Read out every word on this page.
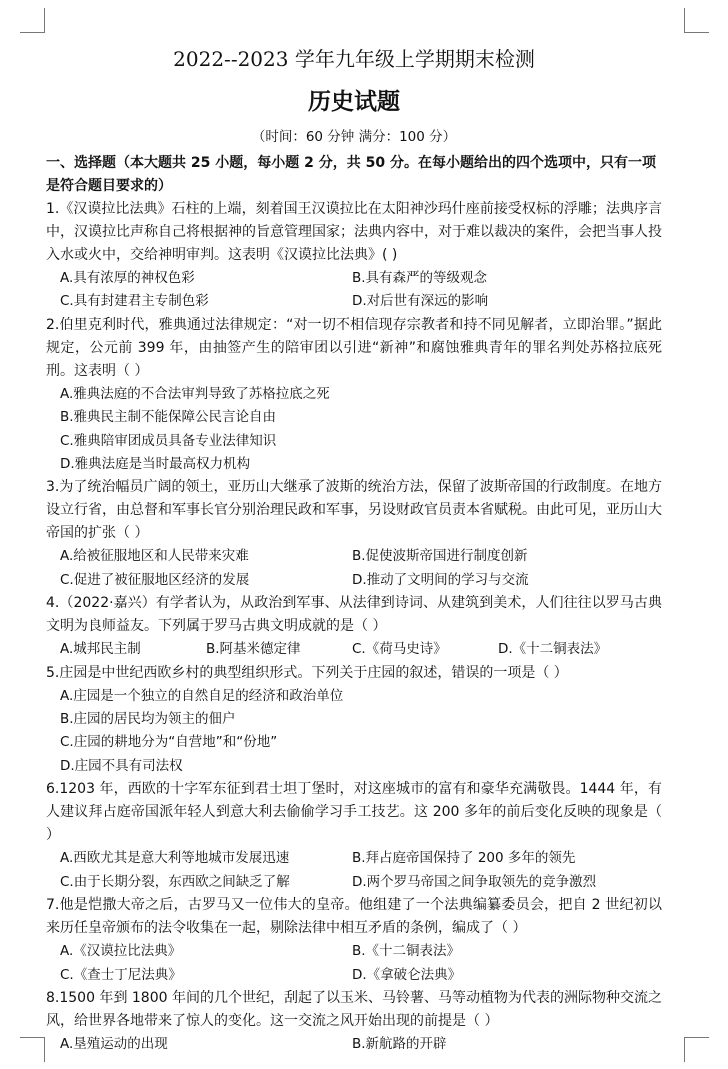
2022--2023 学年九年级上学期期末检测
历史试题
（时间：60 分钟 满分：100 分）
一、选择题（本大题共 25 小题，每小题 2 分，共 50 分。在每小题给出的四个选项中，只有一项是符合题目要求的）
1.《汉谟拉比法典》石柱的上端，刻着国王汉谟拉比在太阳神沙玛什座前接受权标的浮雕；法典序言中，汉谟拉比声称自己将根据神的旨意管理国家；法典内容中，对于难以裁决的案件，会把当事人投入水或火中，交给神明审判。这表明《汉谟拉比法典》( )
A.具有浓厚的神权色彩	B.具有森严的等级观念
C.具有封建君主专制色彩	D.对后世有深远的影响
2.伯里克利时代，雅典通过法律规定：“对一切不相信现存宗教者和持不同见解者，立即治罪。”据此规定，公元前 399 年，由抽签产生的陪审团以引进“新神”和腐蚀雅典青年的罪名判处苏格拉底死刑。这表明（ ）
A.雅典法庭的不合法审判导致了苏格拉底之死
B.雅典民主制不能保障公民言论自由
C.雅典陪审团成员具备专业法律知识
D.雅典法庭是当时最高权力机构
3.为了统治幅员广阔的领土，亚历山大继承了波斯的统治方法，保留了波斯帝国的行政制度。在地方设立行省，由总督和军事长官分别治理民政和军事，另设财政官员责本省赋税。由此可见，亚历山大帝国的扩张（ ）
A.给被征服地区和人民带来灾难	B.促使波斯帝国进行制度创新
C.促进了被征服地区经济的发展	D.推动了文明间的学习与交流
4.（2022·嘉兴）有学者认为，从政治到军事、从法律到诗词、从建筑到美术，人们往往以罗马古典文明为良师益友。下列属于罗马古典文明成就的是（ ）
A.城邦民主制	B.阿基米德定律	C.《荷马史诗》	D.《十二铜表法》
5.庄园是中世纪西欧乡村的典型组织形式。下列关于庄园的叙述，错误的一项是（ ）
A.庄园是一个独立的自然自足的经济和政治单位
B.庄园的居民均为领主的佃户
C.庄园的耕地分为“自营地”和“份地”
D.庄园不具有司法权
6.1203 年，西欧的十字军东征到君士坦丁堡时，对这座城市的富有和豪华充满敬畏。1444 年，有人建议拜占庭帝国派年轻人到意大利去偷偷学习手工技艺。这 200 多年的前后变化反映的现象是（ ）
A.西欧尤其是意大利等地城市发展迅速	B.拜占庭帝国保持了 200 多年的领先
C.由于长期分裂，东西欧之间缺乏了解	D.两个罗马帝国之间争取领先的竞争激烈
7.他是恺撒大帝之后，古罗马又一位伟大的皇帝。他组建了一个法典编纂委员会，把自 2 世纪初以来历任皇帝颁布的法令收集在一起，剔除法律中相互矛盾的条例，编成了（ ）
A.《汉谟拉比法典》	B.《十二铜表法》
C.《查士丁尼法典》	D.《拿破仑法典》
8.1500 年到 1800 年间的几个世纪，刮起了以玉米、马铃薯、马等动植物为代表的洲际物种交流之风，给世界各地带来了惊人的变化。这一交流之风开始出现的前提是（ ）
A.垦殖运动的出现	B.新航路的开辟
